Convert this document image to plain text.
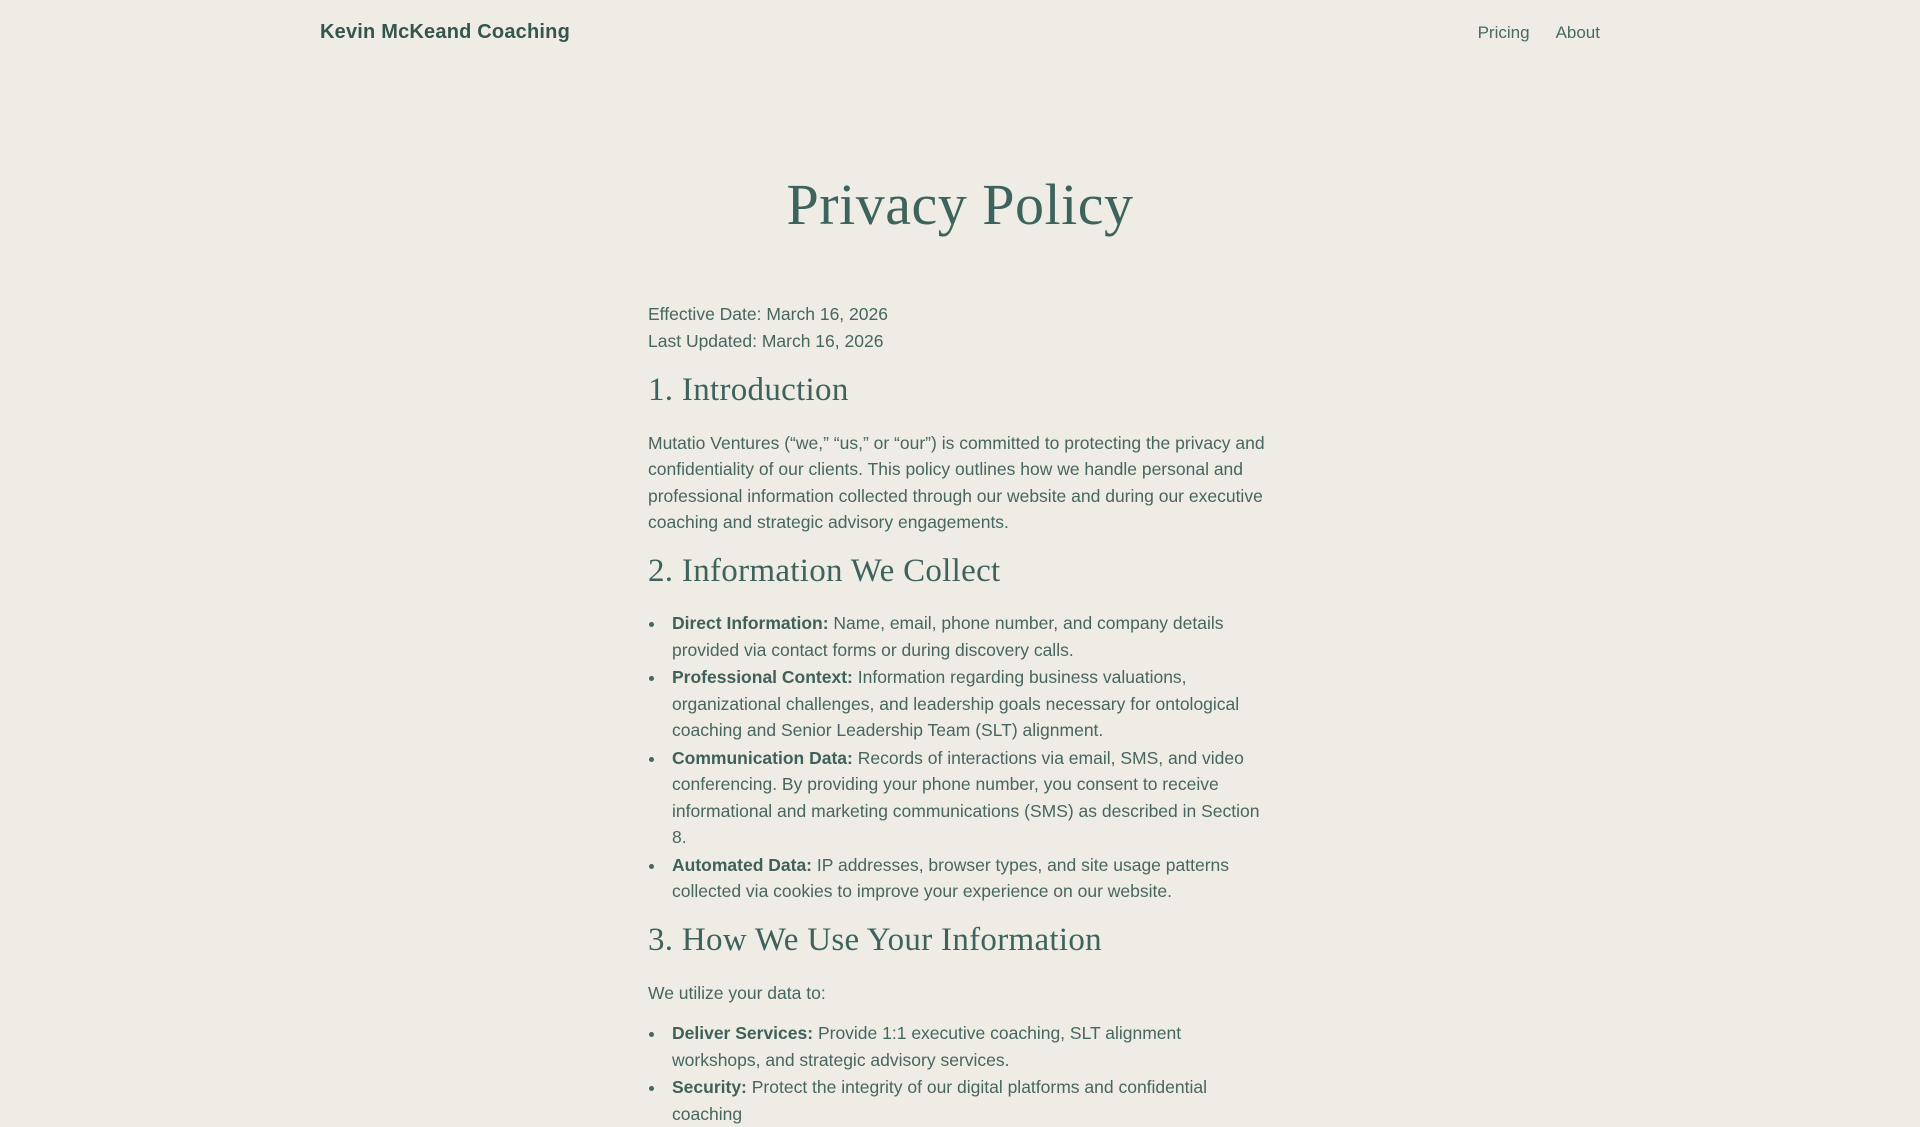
Kevin McKeand Coaching	Pricing About
Privacy Policy

Effective Date: March 16, 2026

Last Updated: March 16, 2026

1. Introduction

Mutatio Ventures (“we,” “us,” or “our”) is committed to protecting the privacy and confidentiality of our clients. This policy outlines how we handle personal and professional information collected through our website and during our executive coaching and strategic advisory engagements.

2. Information We Collect
• Direct Information: Name, email, phone number, and company details provided via contact forms or during discovery calls.
• Professional Context: Information regarding business valuations, organizational challenges, and leadership goals necessary for ontological coaching and Senior Leadership Team (SLT) alignment.
• Communication Data: Records of interactions via email, SMS, and video conferencing. By providing your phone number, you consent to receive informational and marketing communications (SMS) as described in Section 8.
• Automated Data: IP addresses, browser types, and site usage patterns collected via cookies to improve your experience on our website.
3. How We Use Your Information

We utilize your data to:

• Deliver Services: Provide 1:1 executive coaching, SLT alignment workshops, and strategic advisory services.
• Security: Protect the integrity of our digital platforms and confidential coaching
